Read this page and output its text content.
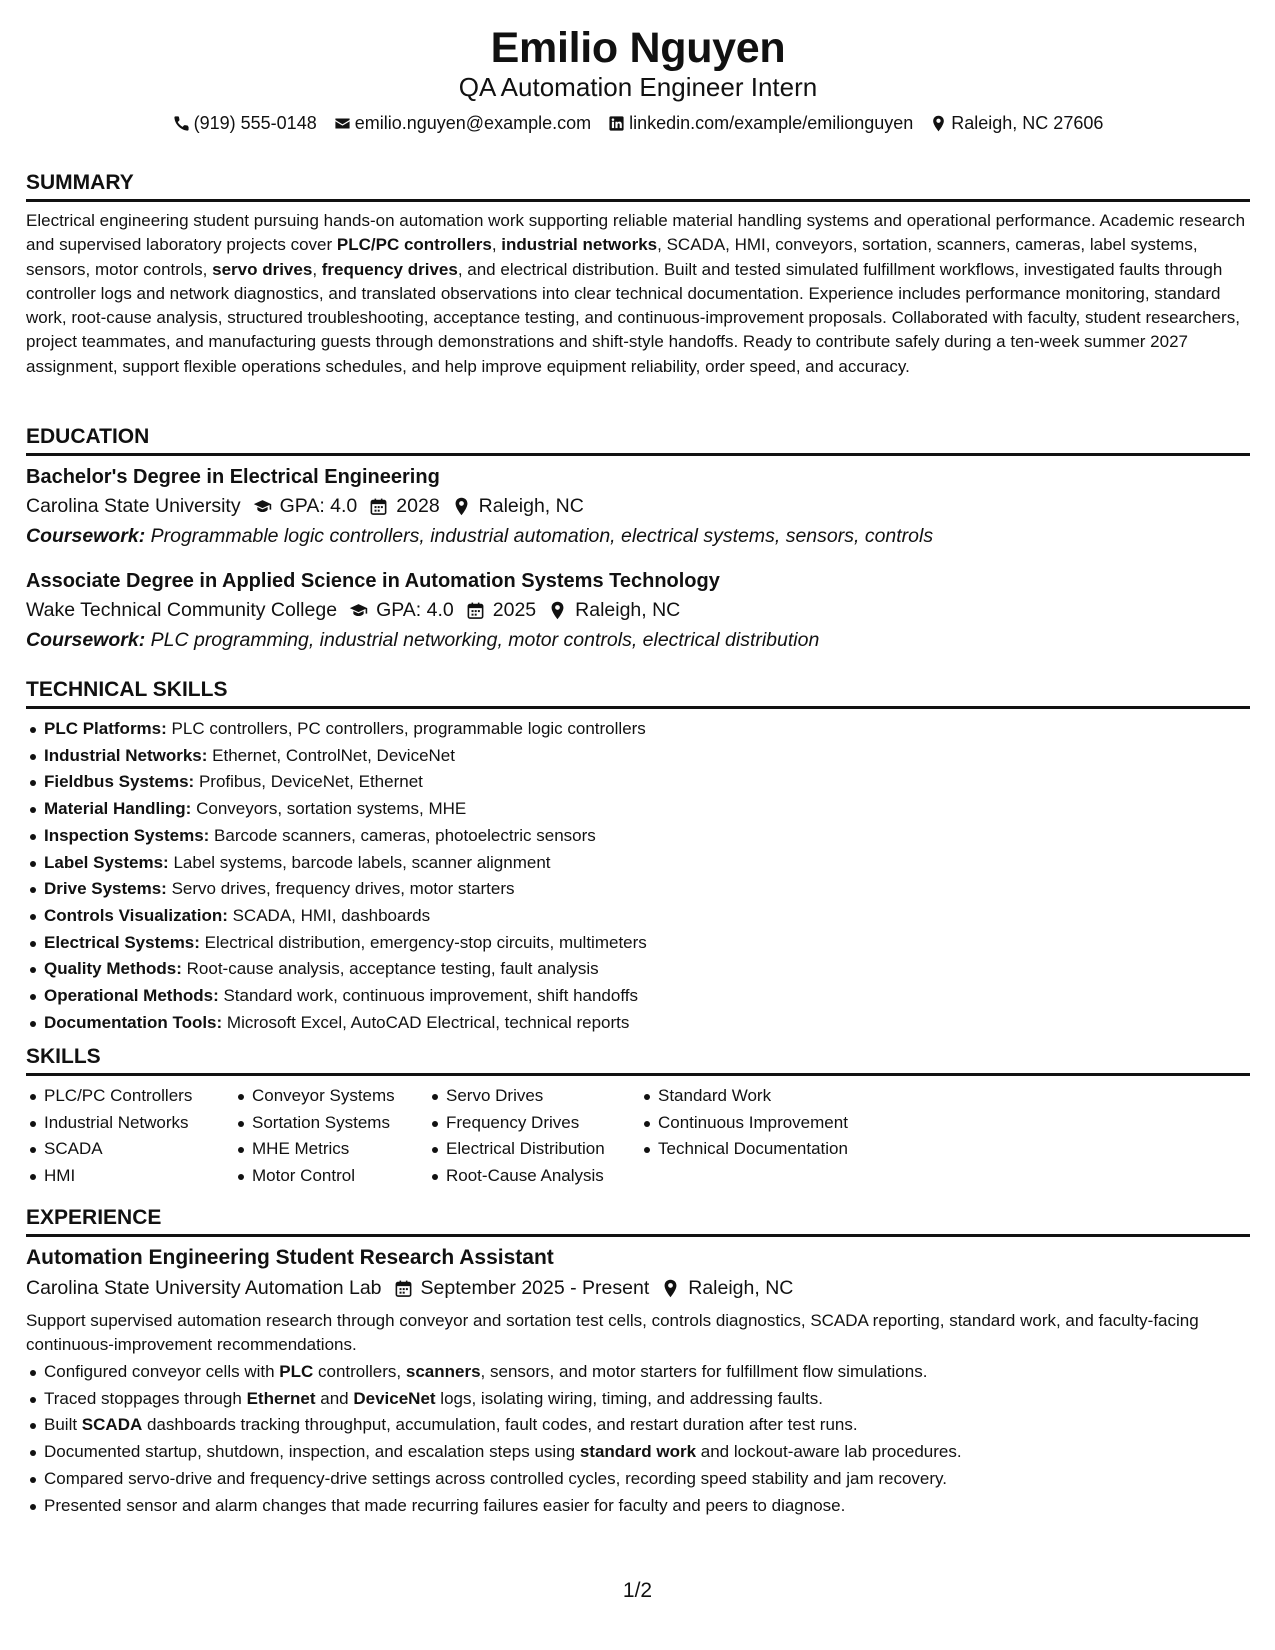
Emilio Nguyen
QA Automation Engineer Intern
(919) 555-0148 emilio.nguyen@example.com linkedin.com/example/emilionguyen Raleigh, NC 27606
SUMMARY
Electrical engineering student pursuing hands-on automation work supporting reliable material handling systems and operational performance. Academic research and supervised laboratory projects cover PLC/PC controllers, industrial networks, SCADA, HMI, conveyors, sortation, scanners, cameras, label systems, sensors, motor controls, servo drives, frequency drives, and electrical distribution. Built and tested simulated fulfillment workflows, investigated faults through controller logs and network diagnostics, and translated observations into clear technical documentation. Experience includes performance monitoring, standard work, root-cause analysis, structured troubleshooting, acceptance testing, and continuous-improvement proposals. Collaborated with faculty, student researchers, project teammates, and manufacturing guests through demonstrations and shift-style handoffs. Ready to contribute safely during a ten-week summer 2027 assignment, support flexible operations schedules, and help improve equipment reliability, order speed, and accuracy.
EDUCATION
Bachelor's Degree in Electrical Engineering
Carolina State University GPA: 4.0 2028 Raleigh, NC
Coursework: Programmable logic controllers, industrial automation, electrical systems, sensors, controls
Associate Degree in Applied Science in Automation Systems Technology
Wake Technical Community College GPA: 4.0 2025 Raleigh, NC
Coursework: PLC programming, industrial networking, motor controls, electrical distribution
TECHNICAL SKILLS
PLC Platforms: PLC controllers, PC controllers, programmable logic controllers
Industrial Networks: Ethernet, ControlNet, DeviceNet
Fieldbus Systems: Profibus, DeviceNet, Ethernet
Material Handling: Conveyors, sortation systems, MHE
Inspection Systems: Barcode scanners, cameras, photoelectric sensors
Label Systems: Label systems, barcode labels, scanner alignment
Drive Systems: Servo drives, frequency drives, motor starters
Controls Visualization: SCADA, HMI, dashboards
Electrical Systems: Electrical distribution, emergency-stop circuits, multimeters
Quality Methods: Root-cause analysis, acceptance testing, fault analysis
Operational Methods: Standard work, continuous improvement, shift handoffs
Documentation Tools: Microsoft Excel, AutoCAD Electrical, technical reports
SKILLS
PLC/PC Controllers
Industrial Networks
SCADA
HMI
Conveyor Systems
Sortation Systems
MHE Metrics
Motor Control
Servo Drives
Frequency Drives
Electrical Distribution
Root-Cause Analysis
Standard Work
Continuous Improvement
Technical Documentation
EXPERIENCE
Automation Engineering Student Research Assistant
Carolina State University Automation Lab September 2025 - Present Raleigh, NC
Support supervised automation research through conveyor and sortation test cells, controls diagnostics, SCADA reporting, standard work, and faculty-facing continuous-improvement recommendations.
Configured conveyor cells with PLC controllers, scanners, sensors, and motor starters for fulfillment flow simulations.
Traced stoppages through Ethernet and DeviceNet logs, isolating wiring, timing, and addressing faults.
Built SCADA dashboards tracking throughput, accumulation, fault codes, and restart duration after test runs.
Documented startup, shutdown, inspection, and escalation steps using standard work and lockout-aware lab procedures.
Compared servo-drive and frequency-drive settings across controlled cycles, recording speed stability and jam recovery.
Presented sensor and alarm changes that made recurring failures easier for faculty and peers to diagnose.
1/2
